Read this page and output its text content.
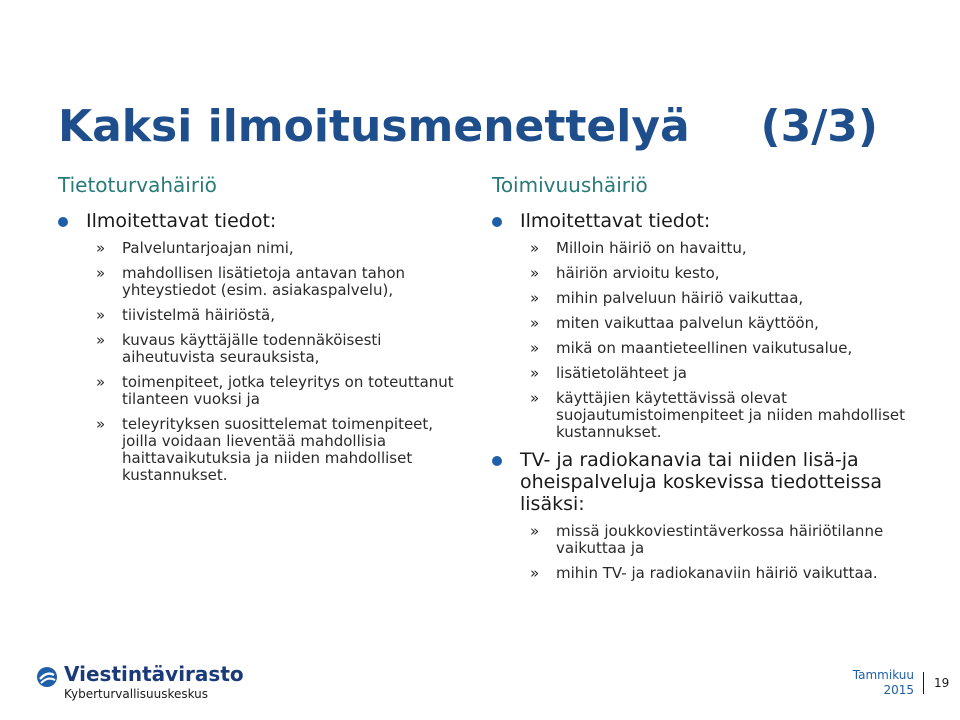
Kaksi ilmoitusmenettelyä (3/3)
Tietoturvahäiriö
Ilmoitettavat tiedot:
» Palveluntarjoajan nimi,
» mahdollisen lisätietoja antavan tahon yhteystiedot (esim. asiakaspalvelu),
» tiivistelmä häiriöstä,
» kuvaus käyttäjälle todennäköisesti aiheutuvista seurauksista,
» toimenpiteet, jotka teleyritys on toteuttanut tilanteen vuoksi ja
» teleyrityksen suosittelemat toimenpiteet, joilla voidaan lieventää mahdollisia haittavaikutuksia ja niiden mahdolliset kustannukset.
Toimivuushäiriö
Ilmoitettavat tiedot:
» Milloin häiriö on havaittu,
» häiriön arvioitu kesto,
» mihin palveluun häiriö vaikuttaa,
» miten vaikuttaa palvelun käyttöön,
» mikä on maantieteellinen vaikutusalue,
» lisätietolähteet ja
» käyttäjien käytettävissä olevat suojautumistoimenpiteet ja niiden mahdolliset kustannukset.
TV- ja radiokanavia tai niiden lisä-ja oheispalveluja koskevissa tiedotteissa lisäksi:
» missä joukkoviestintäverkossa häiriötilanne vaikuttaa ja
» mihin TV- ja radiokanaviin häiriö vaikuttaa.
Viestintävirasto
Kyberturvallisuuskeskus
Tammikuu
2015 19
